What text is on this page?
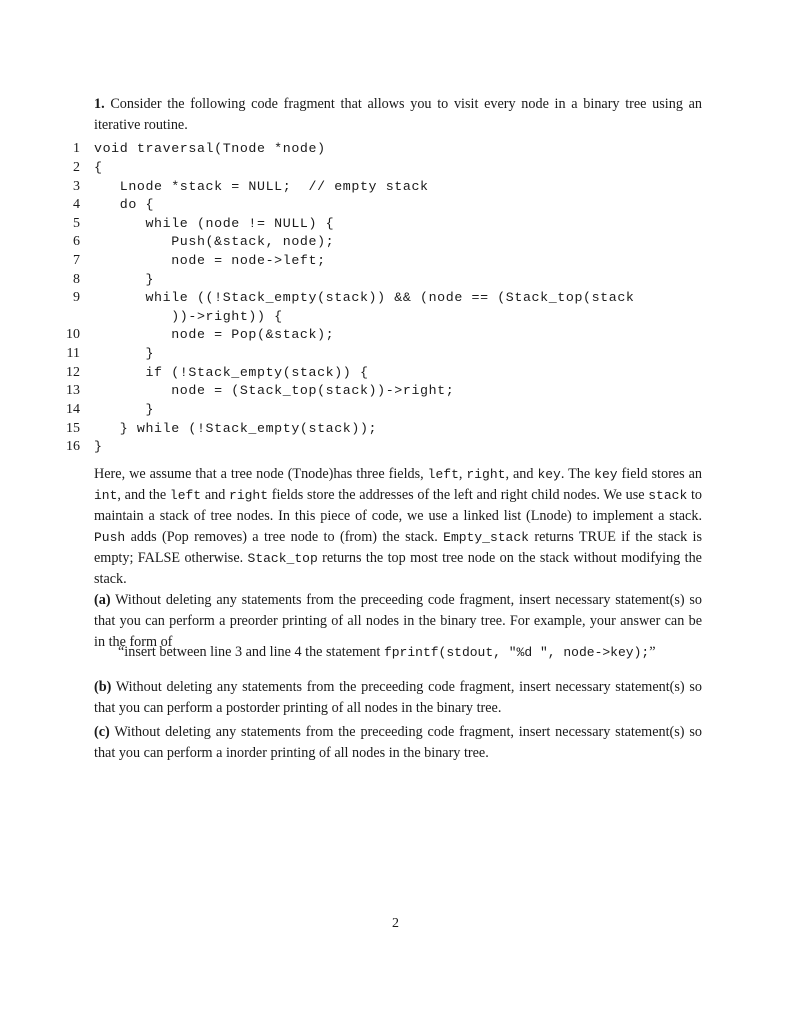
1. Consider the following code fragment that allows you to visit every node in a binary tree using an iterative routine.
1 void traversal(Tnode *node)
2 {
3 Lnode *stack = NULL;  // empty stack
4 do {
5 while (node != NULL) {
6 Push(&stack, node);
7 node = node->left;
8 }
9 while ((!Stack_empty(stack)) && (node == (Stack_top(stack
))->right)) {
10 node = Pop(&stack);
11 }
12 if (!Stack_empty(stack)) {
13 node = (Stack_top(stack))->right;
14 }
15 } while (!Stack_empty(stack));
16 }
Here, we assume that a tree node (Tnode)has three fields, left, right, and key. The key field stores an int, and the left and right fields store the addresses of the left and right child nodes. We use stack to maintain a stack of tree nodes. In this piece of code, we use a linked list (Lnode) to implement a stack. Push adds (Pop removes) a tree node to (from) the stack. Empty_stack returns TRUE if the stack is empty; FALSE otherwise. Stack_top returns the top most tree node on the stack without modifying the stack.
(a) Without deleting any statements from the preceeding code fragment, insert necessary statement(s) so that you can perform a preorder printing of all nodes in the binary tree. For example, your answer can be in the form of
“insert between line 3 and line 4 the statement fprintf(stdout, "%d ", node->key);”
(b) Without deleting any statements from the preceeding code fragment, insert necessary statement(s) so that you can perform a postorder printing of all nodes in the binary tree.
(c) Without deleting any statements from the preceeding code fragment, insert necessary statement(s) so that you can perform a inorder printing of all nodes in the binary tree.
2
